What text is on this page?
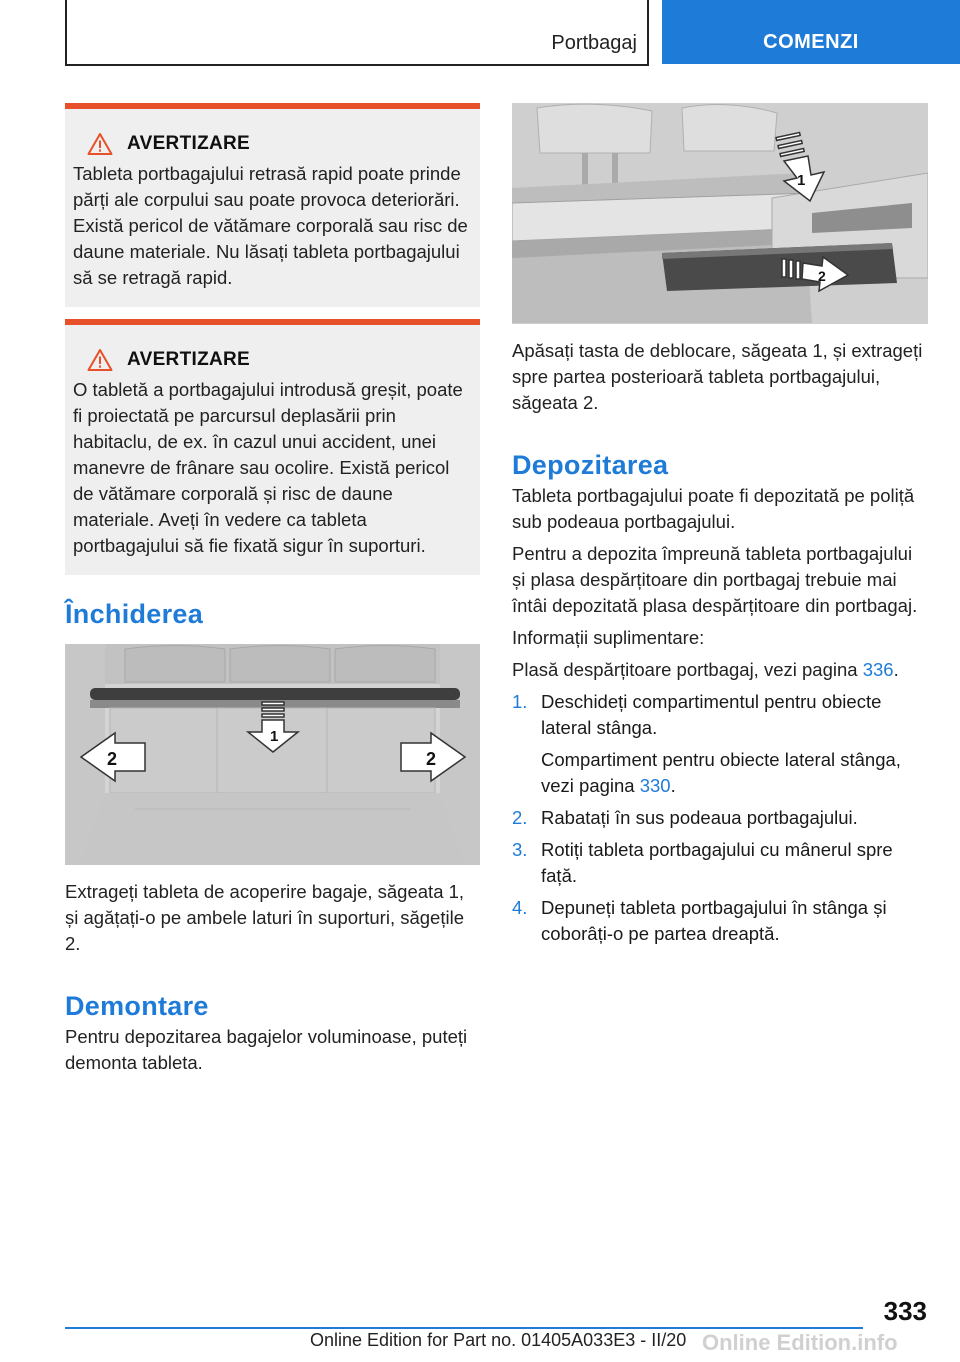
Portbagaj	COMENZI
AVERTIZARE
Tableta portbagajului retrasă rapid poate prinde părți ale corpului sau poate provoca deteriorări. Există pericol de vătămare corporală sau risc de daune materiale. Nu lăsați tableta portbagajului să se retragă rapid.
AVERTIZARE
O tabletă a portbagajului introdusă greșit, poate fi proiectată pe parcursul deplasării prin habitaclu, de ex. în cazul unui accident, unei manevre de frânare sau ocolire. Există pericol de vătămare corporală și risc de daune materiale. Aveți în vedere ca tableta portbagajului să fie fixată sigur în suporturi.
Închiderea
1
2	2

Extrageți tableta de acoperire bagaje, săgeata 1, și agățați-o pe ambele laturi în suporturi, săgețile 2.

Demontare

Pentru depozitarea bagajelor voluminoase, puteți demonta tableta.

1
2

Apăsați tasta de deblocare, săgeata 1, și extrageți spre partea posterioară tableta portbagajului, săgeata 2.

Depozitarea

Tableta portbagajului poate fi depozitată pe poliță sub podeaua portbagajului.

Pentru a depozita împreună tableta portbagajului și plasa despărțitoare din portbagaj trebuie mai întâi depozitată plasa despărțitoare din portbagaj.

Informații suplimentare:

Plasă despărțitoare portbagaj, vezi pagina 336.

1. Deschideți compartimentul pentru obiecte lateral stânga.
Compartiment pentru obiecte lateral stânga, vezi pagina 330.
2. Rabatați în sus podeaua portbagajului.
3. Rotiți tableta portbagajului cu mânerul spre față.
4. Depuneți tableta portbagajului în stânga și coborâți-o pe partea dreaptă.
333
Online Edition for Part no. 01405A033E3 - II/20 Online Edition.info
